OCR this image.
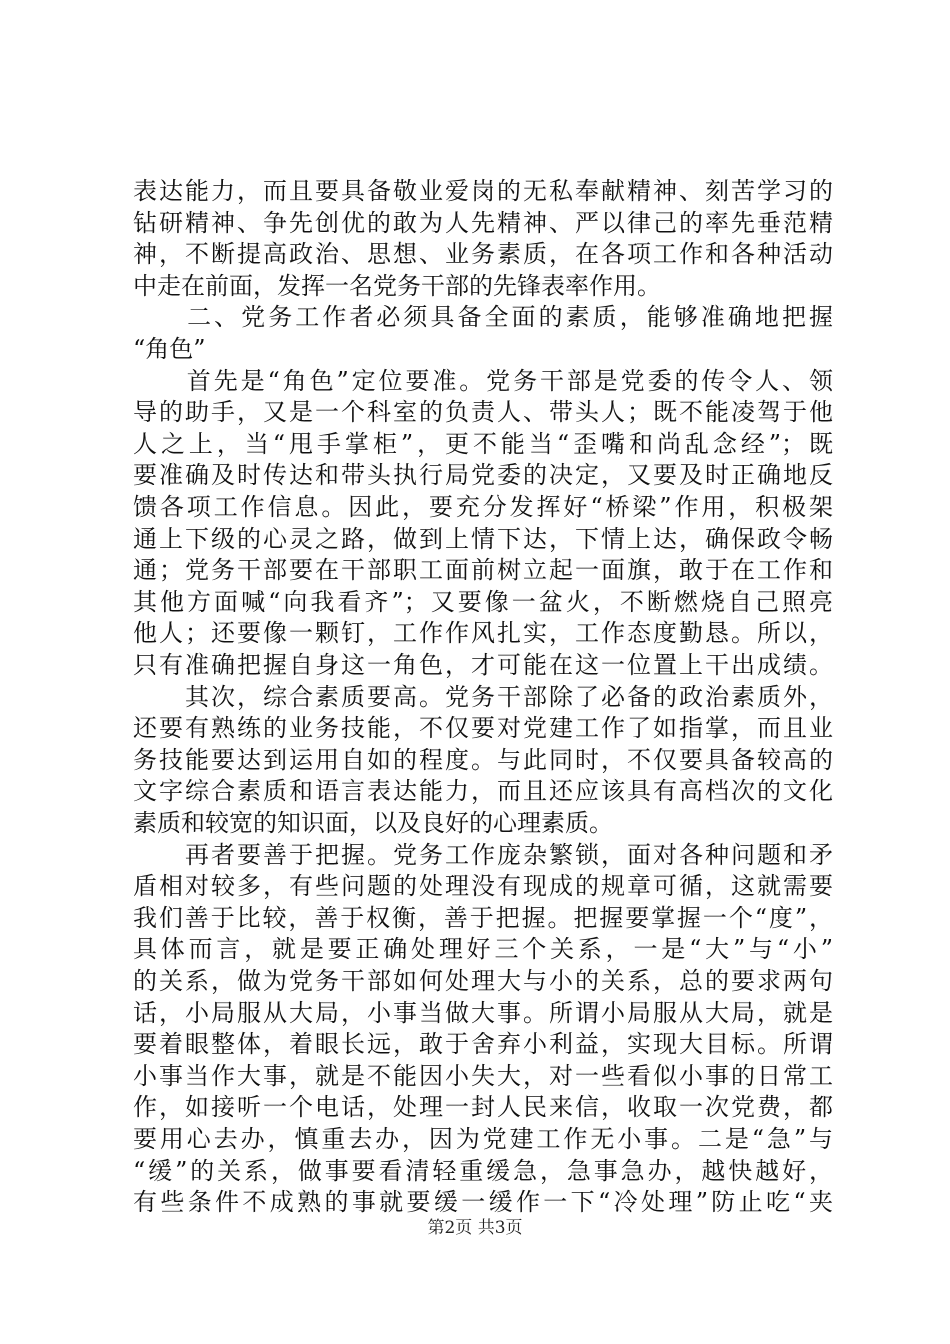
表达能力，而且要具备敬业爱岗的无私奉献精神、刻苦学习的
钻研精神、争先创优的敢为人先精神、严以律己的率先垂范精
神，不断提高政治、思想、业务素质，在各项工作和各种活动
中走在前面，发挥一名党务干部的先锋表率作用。
　　二、党务工作者必须具备全面的素质，能够准确地把握
“角色”
　　首先是“角色”定位要准。党务干部是党委的传令人、领
导的助手，又是一个科室的负责人、带头人；既不能凌驾于他
人之上，当“甩手掌柜”，更不能当“歪嘴和尚乱念经”；既
要准确及时传达和带头执行局党委的决定，又要及时正确地反
馈各项工作信息。因此，要充分发挥好“桥梁”作用，积极架
通上下级的心灵之路，做到上情下达，下情上达，确保政令畅
通；党务干部要在干部职工面前树立起一面旗，敢于在工作和
其他方面喊“向我看齐”；又要像一盆火，不断燃烧自己照亮
他人；还要像一颗钉，工作作风扎实，工作态度勤恳。所以，
只有准确把握自身这一角色，才可能在这一位置上干出成绩。
　　其次，综合素质要高。党务干部除了必备的政治素质外，
还要有熟练的业务技能，不仅要对党建工作了如指掌，而且业
务技能要达到运用自如的程度。与此同时，不仅要具备较高的
文字综合素质和语言表达能力，而且还应该具有高档次的文化
素质和较宽的知识面，以及良好的心理素质。
　　再者要善于把握。党务工作庞杂繁锁，面对各种问题和矛
盾相对较多，有些问题的处理没有现成的规章可循，这就需要
我们善于比较，善于权衡，善于把握。把握要掌握一个“度”，
具体而言，就是要正确处理好三个关系，一是“大”与“小”
的关系，做为党务干部如何处理大与小的关系，总的要求两句
话，小局服从大局，小事当做大事。所谓小局服从大局，就是
要着眼整体，着眼长远，敢于舍弃小利益，实现大目标。所谓
小事当作大事，就是不能因小失大，对一些看似小事的日常工
作，如接听一个电话，处理一封人民来信，收取一次党费，都
要用心去办，慎重去办，因为党建工作无小事。二是“急”与
“缓”的关系，做事要看清轻重缓急，急事急办，越快越好，
有些条件不成熟的事就要缓一缓作一下“冷处理”防止吃“夹
第2页 共3页
